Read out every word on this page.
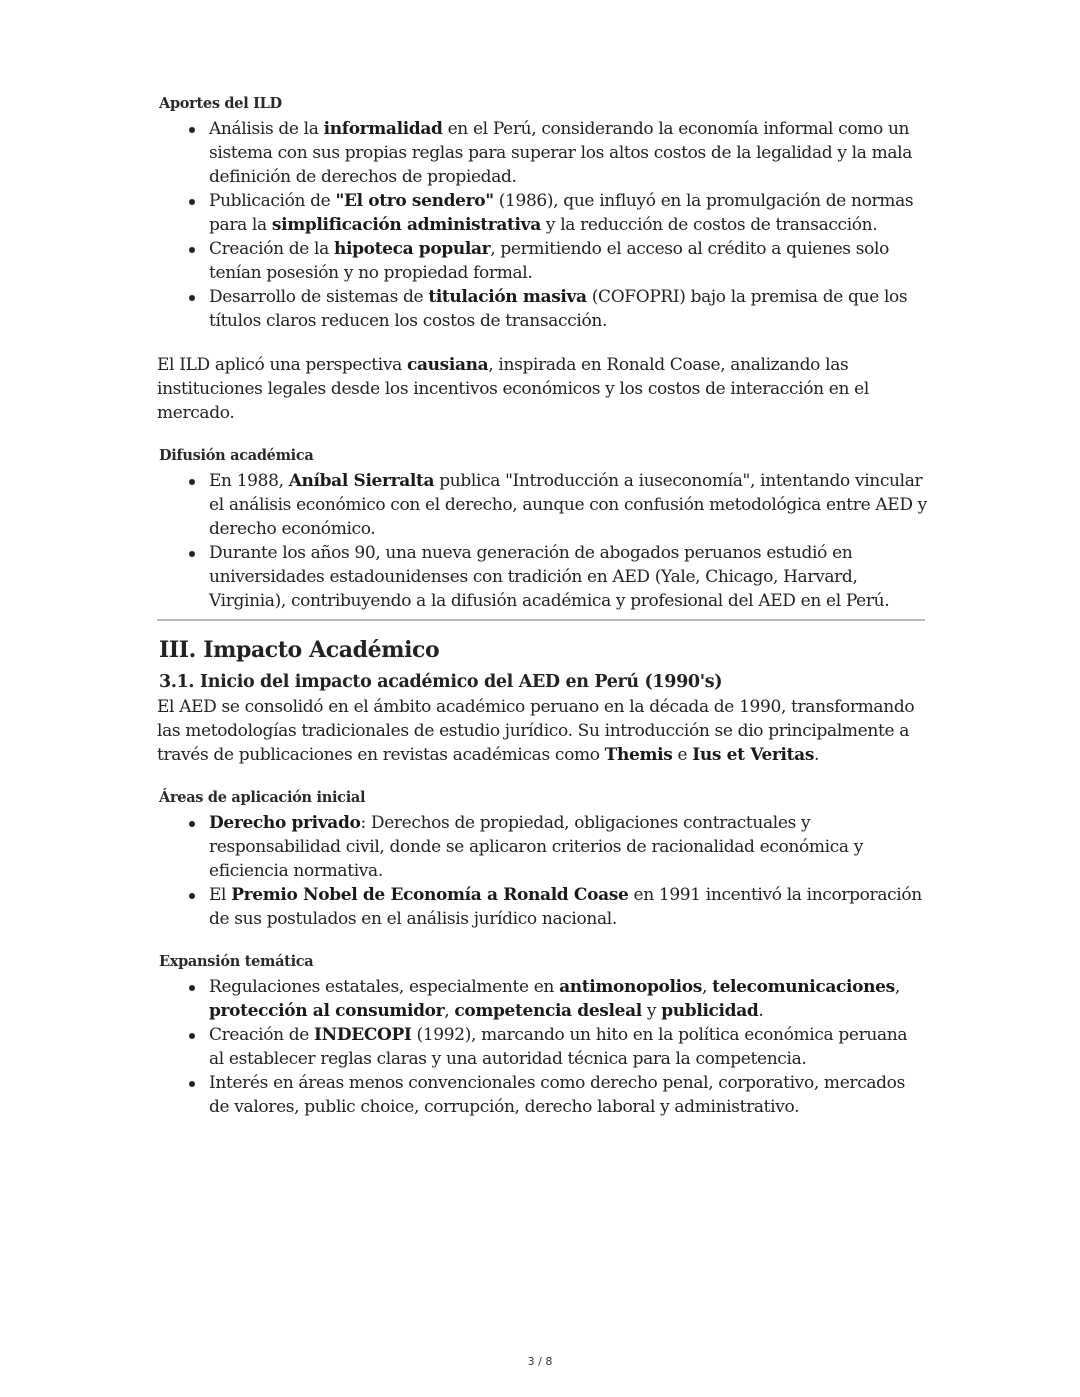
Aportes del ILD
Análisis de la informalidad en el Perú, considerando la economía informal como un sistema con sus propias reglas para superar los altos costos de la legalidad y la mala definición de derechos de propiedad.
Publicación de "El otro sendero" (1986), que influyó en la promulgación de normas para la simplificación administrativa y la reducción de costos de transacción.
Creación de la hipoteca popular, permitiendo el acceso al crédito a quienes solo tenían posesión y no propiedad formal.
Desarrollo de sistemas de titulación masiva (COFOPRI) bajo la premisa de que los títulos claros reducen los costos de transacción.

El ILD aplicó una perspectiva causiana, inspirada en Ronald Coase, analizando las instituciones legales desde los incentivos económicos y los costos de interacción en el mercado.

Difusión académica
En 1988, Aníbal Sierralta publica "Introducción a iuseconomía", intentando vincular el análisis económico con el derecho, aunque con confusión metodológica entre AED y derecho económico.
Durante los años 90, una nueva generación de abogados peruanos estudió en universidades estadounidenses con tradición en AED (Yale, Chicago, Harvard, Virginia), contribuyendo a la difusión académica y profesional del AED en el Perú.
III. Impacto Académico
3.1. Inicio del impacto académico del AED en Perú (1990's)

El AED se consolidó en el ámbito académico peruano en la década de 1990, transformando las metodologías tradicionales de estudio jurídico. Su introducción se dio principalmente a través de publicaciones en revistas académicas como Themis e Ius et Veritas.

Áreas de aplicación inicial
Derecho privado: Derechos de propiedad, obligaciones contractuales y responsabilidad civil, donde se aplicaron criterios de racionalidad económica y eficiencia normativa.
El Premio Nobel de Economía a Ronald Coase en 1991 incentivó la incorporación de sus postulados en el análisis jurídico nacional.
Expansión temática
Regulaciones estatales, especialmente en antimonopolios, telecomunicaciones, protección al consumidor, competencia desleal y publicidad.
Creación de INDECOPI (1992), marcando un hito en la política económica peruana al establecer reglas claras y una autoridad técnica para la competencia.
Interés en áreas menos convencionales como derecho penal, corporativo, mercados de valores, public choice, corrupción, derecho laboral y administrativo.
3 / 8
